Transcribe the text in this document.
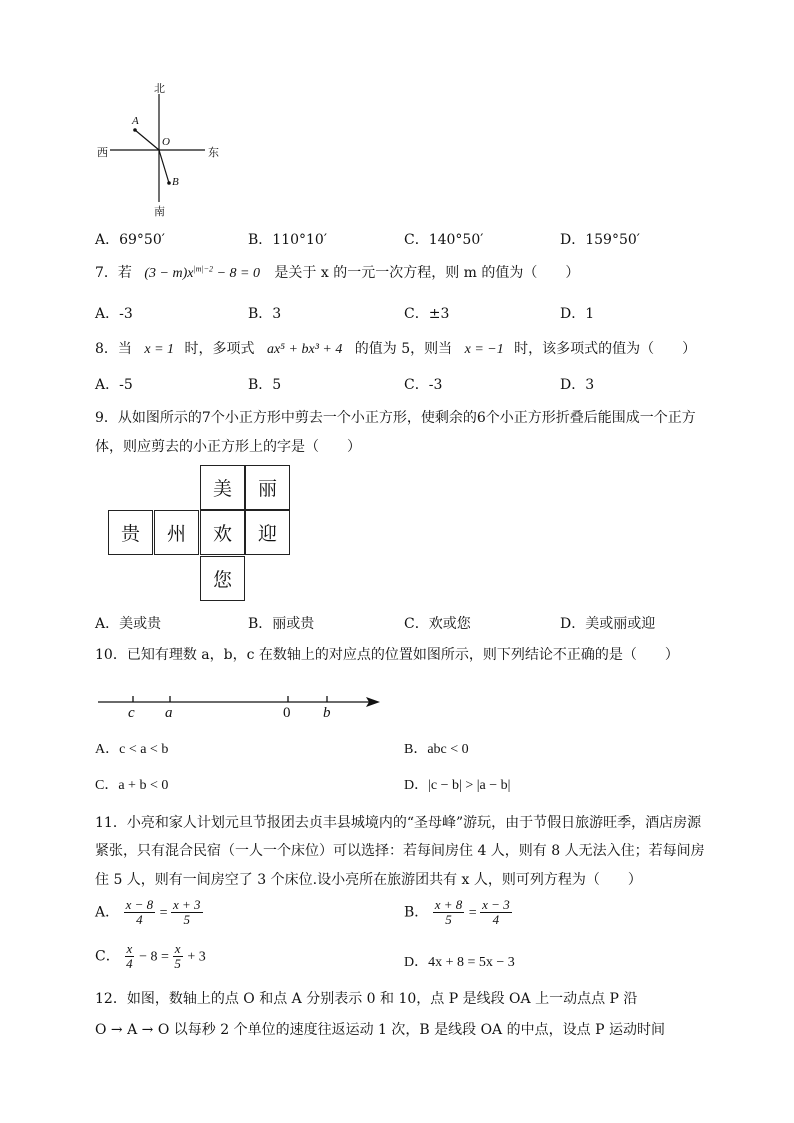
北
南
西	东
O
A
B
A．69°50′	B．110°10′	C．140°50′	D．159°50′
7．若 $(3 - m)x^{|m|-2} - 8 = 0$ 是关于 x 的一元一次方程，则 m 的值为（　　）
A．-3	B．3	C．±3	D．1
8．当 x = 1 时，多项式 ax⁵ + bx³ + 4 的值为 5，则当 x = −1 时，该多项式的值为（　　）
A．-5	B．5	C．-3	D．3
9．从如图所示的7个小正方形中剪去一个小正方形，使剩余的6个小正方形折叠后能围成一个正方
体，则应剪去的小正方形上的字是（　　）
美	丽
贵	州	欢	迎
您
A．美或贵	B．丽或贵	C．欢或您	D．美或丽或迎
10．已知有理数 a，b，c 在数轴上的对应点的位置如图所示，则下列结论不正确的是（　　）
c a	0 b
A．c < a < b	B．abc < 0
C．a + b < 0	D．|c − b| > |a − b|
11．小亮和家人计划元旦节报团去贞丰县城境内的“圣母峰”游玩，由于节假日旅游旺季，酒店房源
紧张，只有混合民宿（一人一个床位）可以选择：若每间房住 4 人，则有 8 人无法入住；若每间房
住 5 人，则有一间房空了 3 个床位.设小亮所在旅游团共有 x 人，则可列方程为（　　）
A． $\frac{x - 8}{4} = \frac{x + 3}{5}$	B． $\frac{x + 8}{5} = \frac{x - 3}{4}$
C． $\frac{x}{4} - 8 = \frac{x}{5} + 3$	D．4x + 8 = 5x − 3
12．如图，数轴上的点 O 和点 A 分别表示 0 和 10，点 P 是线段 OA 上一动点点 P 沿
O → A → O 以每秒 2 个单位的速度往返运动 1 次，B 是线段 OA 的中点，设点 P 运动时间
